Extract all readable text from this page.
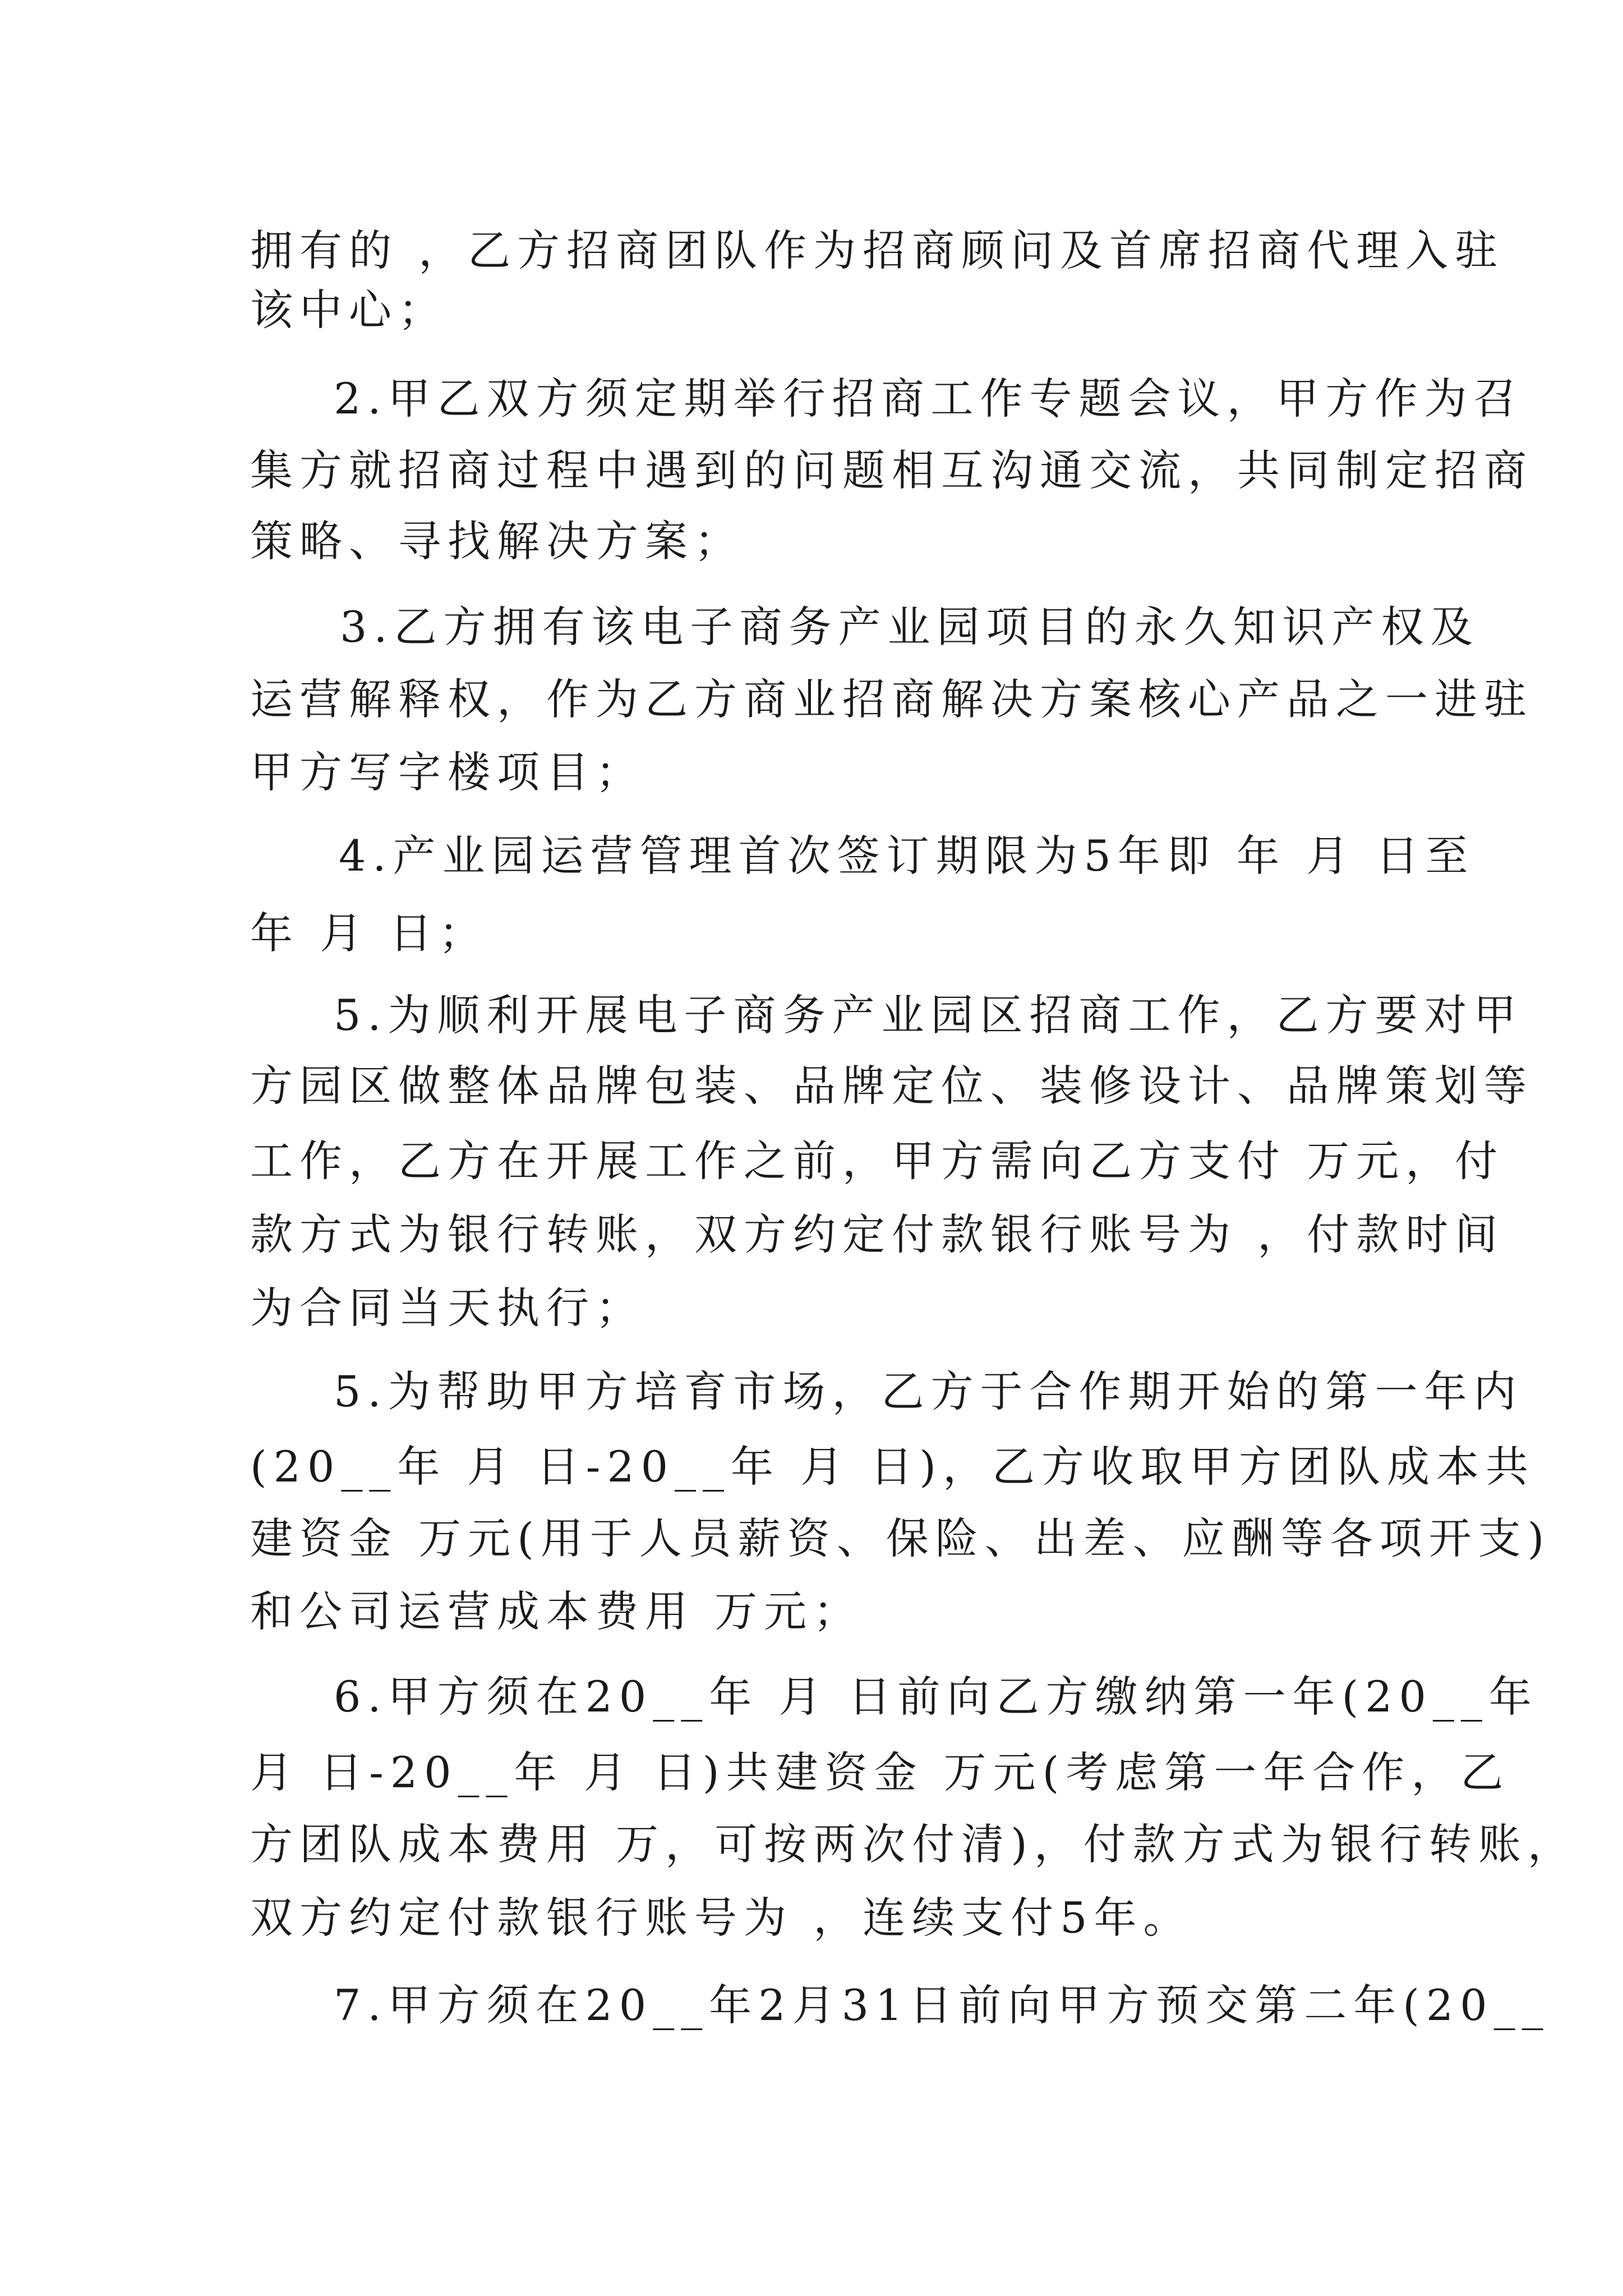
拥有的 ，乙方招商团队作为招商顾问及首席招商代理入驻
该中心；
2.甲乙双方须定期举行招商工作专题会议，甲方作为召
集方就招商过程中遇到的问题相互沟通交流，共同制定招商
策略、寻找解决方案；
3.乙方拥有该电子商务产业园项目的永久知识产权及
运营解释权，作为乙方商业招商解决方案核心产品之一进驻
甲方写字楼项目；
4.产业园运营管理首次签订期限为5年即 年 月 日至
年 月 日；
5.为顺利开展电子商务产业园区招商工作，乙方要对甲
方园区做整体品牌包装、品牌定位、装修设计、品牌策划等
工作，乙方在开展工作之前，甲方需向乙方支付 万元，付
款方式为银行转账，双方约定付款银行账号为 ，付款时间
为合同当天执行；
5.为帮助甲方培育市场，乙方于合作期开始的第一年内
(20__年 月 日-20__年 月 日)，乙方收取甲方团队成本共
建资金 万元(用于人员薪资、保险、出差、应酬等各项开支)
和公司运营成本费用 万元；
6.甲方须在20__年 月 日前向乙方缴纳第一年(20__年
月 日-20__年 月 日)共建资金 万元(考虑第一年合作，乙
方团队成本费用 万，可按两次付清)，付款方式为银行转账，
双方约定付款银行账号为 ，连续支付5年。
7.甲方须在20__年2月31日前向甲方预交第二年(20__
